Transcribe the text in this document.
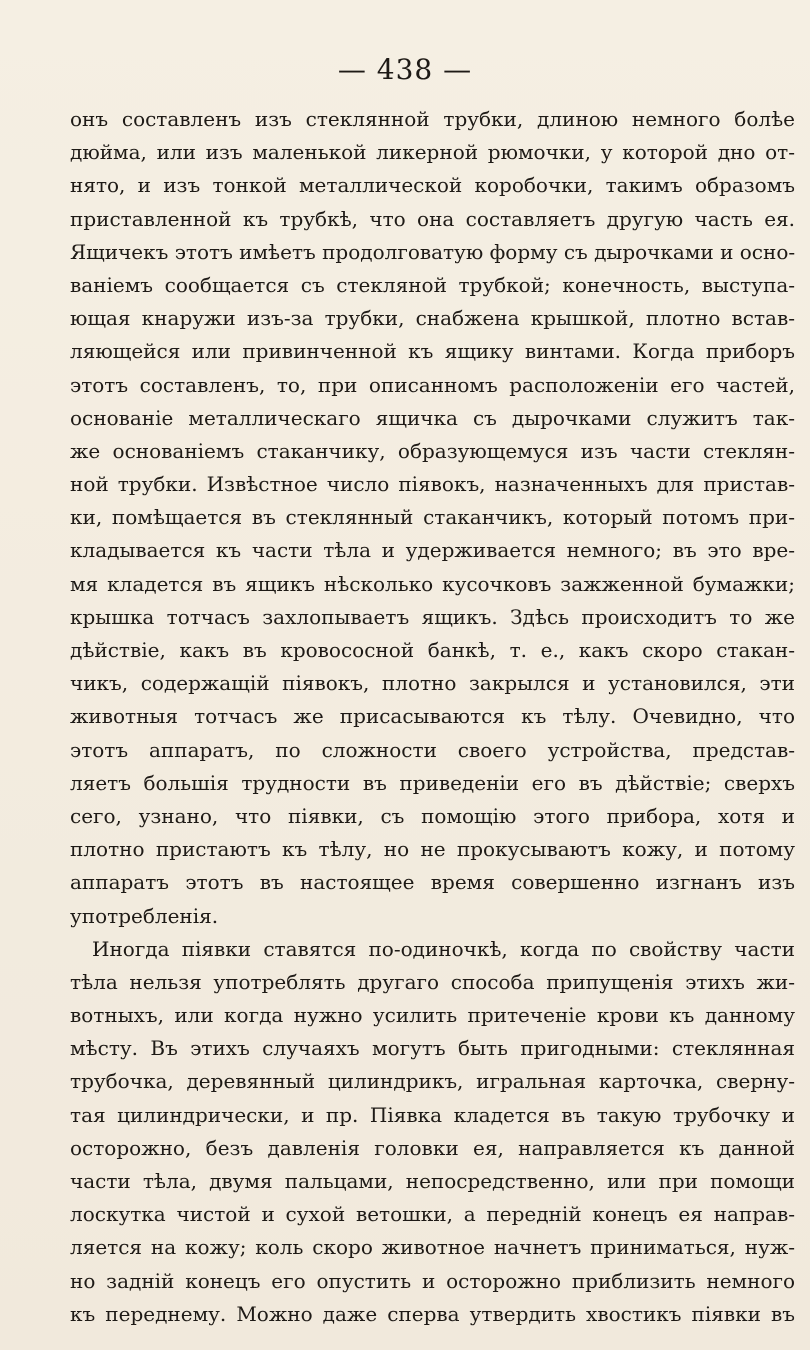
— 438 —
онъ составленъ изъ стеклянной трубки, длиною немного болѣе
дюйма, или изъ маленькой ликерной рюмочки, у которой дно от-
нято, и изъ тонкой металлической коробочки, такимъ образомъ
приставленной къ трубкѣ, что она составляетъ другую часть ея.
Ящичекъ этотъ имѣетъ продолговатую форму съ дырочками и осно-
ваніемъ сообщается съ стекляной трубкой; конечность, выступа-
ющая кнаружи изъ-за трубки, снабжена крышкой, плотно встав-
ляющейся или привинченной къ ящику винтами. Когда приборъ
этотъ составленъ, то, при описанномъ расположеніи его частей,
основаніе металлическаго ящичка съ дырочками служитъ так-
же основаніемъ стаканчику, образующемуся изъ части стеклян-
ной трубки. Извѣстное число піявокъ, назначенныхъ для пристав-
ки, помѣщается въ стеклянный стаканчикъ, который потомъ при-
кладывается къ части тѣла и удерживается немного; въ это вре-
мя кладется въ ящикъ нѣсколько кусочковъ зажженной бумажки;
крышка тотчасъ захлопываетъ ящикъ. Здѣсь происходитъ то же
дѣйствіе, какъ въ кровососной банкѣ, т. е., какъ скоро стакан-
чикъ, содержащій піявокъ, плотно закрылся и установился, эти
животныя тотчасъ же присасываются къ тѣлу. Очевидно, что
этотъ аппаратъ, по сложности своего устройства, представ-
ляетъ большія трудности въ приведеніи его въ дѣйствіе; сверхъ
сего, узнано, что піявки, съ помощію этого прибора, хотя и
плотно пристаютъ къ тѣлу, но не прокусываютъ кожу, и потому
аппаратъ этотъ въ настоящее время совершенно изгнанъ изъ
употребленія.
Иногда піявки ставятся по-одиночкѣ, когда по свойству части
тѣла нельзя употреблять другаго способа припущенія этихъ жи-
вотныхъ, или когда нужно усилить притеченіе крови къ данному
мѣсту. Въ этихъ случаяхъ могутъ быть пригодными: стеклянная
трубочка, деревянный цилиндрикъ, игральная карточка, сверну-
тая цилиндрически, и пр. Піявка кладется въ такую трубочку и
осторожно, безъ давленія головки ея, направляется къ данной
части тѣла, двумя пальцами, непосредственно, или при помощи
лоскутка чистой и сухой ветошки, а передній конецъ ея направ-
ляется на кожу; коль скоро животное начнетъ приниматься, нуж-
но задній конецъ его опустить и осторожно приблизить немного
къ переднему. Можно даже сперва утвердить хвостикъ піявки въ
